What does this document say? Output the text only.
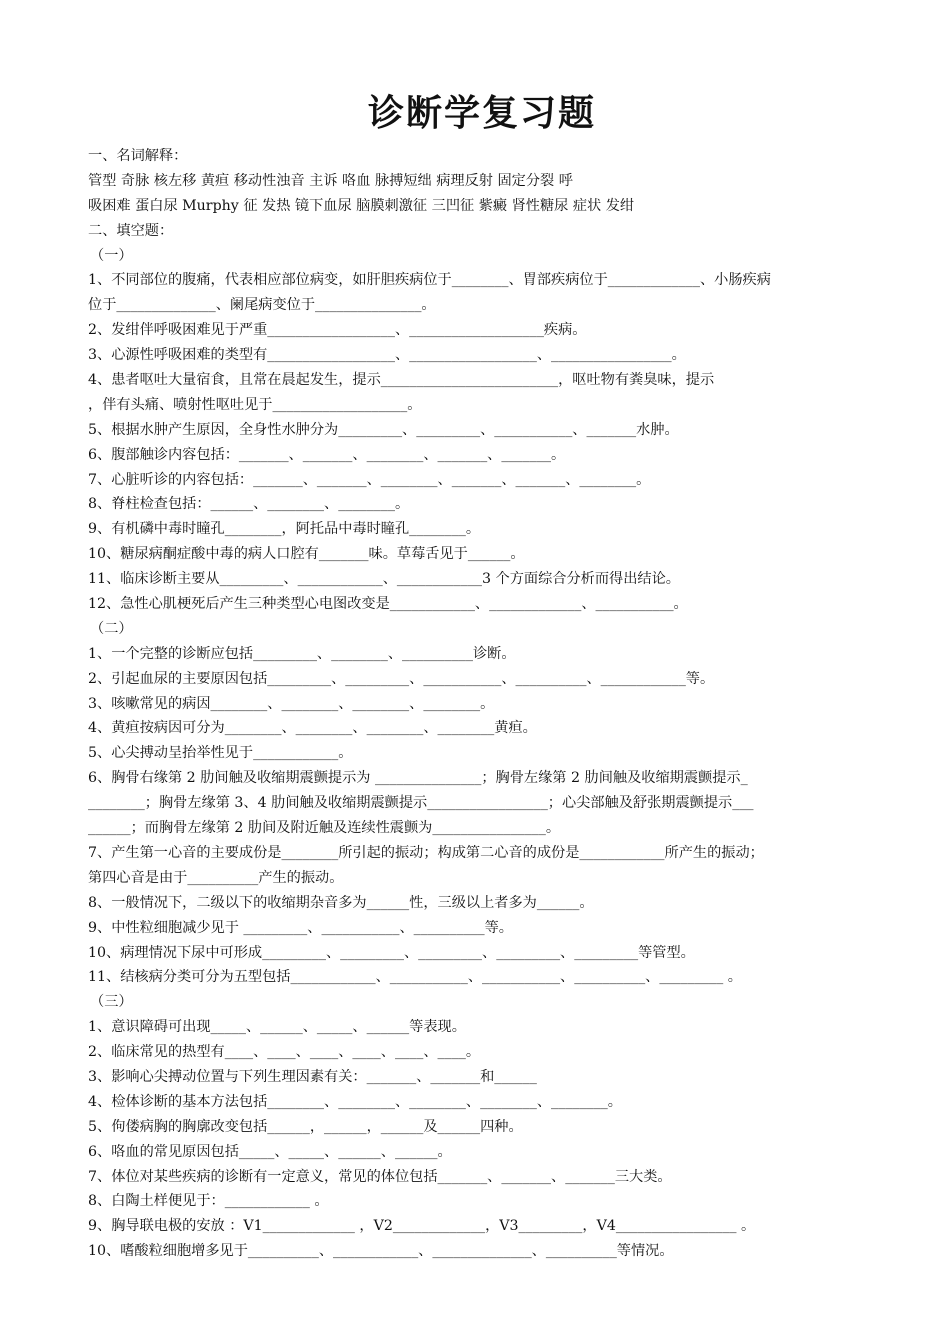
诊断学复习题
一、名词解释：
管型 奇脉 核左移 黄疸 移动性浊音 主诉 咯血 脉搏短绌 病理反射 固定分裂 呼
吸困难 蛋白尿 Murphy 征 发热 镜下血尿 脑膜刺激征 三凹征 紫癜 肾性糖尿 症状 发绀
二、填空题：
（一）
1、不同部位的腹痛，代表相应部位病变，如肝胆疾病位于________、胃部疾病位于_____________、小肠疾病
位于______________、阑尾病变位于_______________。
2、发绀伴呼吸困难见于严重__________________、___________________疾病。
3、心源性呼吸困难的类型有__________________、__________________、_________________。
4、患者呕吐大量宿食，且常在晨起发生，提示_________________________，呕吐物有粪臭味，提示
，伴有头痛、喷射性呕吐见于___________________。
5、根据水肿产生原因，全身性水肿分为_________、_________、___________、_______水肿。
6、腹部触诊内容包括：_______、_______、________、_______、_______。
7、心脏听诊的内容包括：_______、_______、________、_______、_______、________。
8、脊柱检查包括：______、________、________。
9、有机磷中毒时瞳孔________，阿托品中毒时瞳孔________。
10、糖尿病酮症酸中毒的病人口腔有_______味。草莓舌见于______。
11、临床诊断主要从_________、____________、____________3 个方面综合分析而得出结论。
12、急性心肌梗死后产生三种类型心电图改变是____________、_____________、___________。
（二）
1、一个完整的诊断应包括_________、________、__________诊断。
2、引起血尿的主要原因包括_________、_________、___________、__________、____________等。
3、咳嗽常见的病因________、________、________、________。
4、黄疸按病因可分为________、________、________、________黄疸。
5、心尖搏动呈抬举性见于____________。
6、胸骨右缘第 2 肋间触及收缩期震颤提示为 _______________；胸骨左缘第 2 肋间触及收缩期震颤提示_
________；胸骨左缘第 3、4 肋间触及收缩期震颤提示_________________；心尖部触及舒张期震颤提示___
______；而胸骨左缘第 2 肋间及附近触及连续性震颤为________________。
7、产生第一心音的主要成份是________所引起的振动；构成第二心音的成份是____________所产生的振动；
第四心音是由于__________产生的振动。
8、一般情况下，二级以下的收缩期杂音多为______性，三级以上者多为______。
9、中性粒细胞减少见于 _________、___________、__________等。
10、病理情况下尿中可形成_________、_________、_________、_________、_________等管型。
11、结核病分类可分为五型包括____________、___________、___________、__________、_________ 。
（三）
1、意识障碍可出现_____、______、_____、______等表现。
2、临床常见的热型有____、____、____、____、____、____。
3、影响心尖搏动位置与下列生理因素有关：_______、_______和______
4、检体诊断的基本方法包括________、________、________、________、________。
5、佝偻病胸的胸廓改变包括______，______，______及______四种。
6、咯血的常见原因包括_____、_____、______、______。
7、体位对某些疾病的诊断有一定意义，常见的体位包括_______、_______、_______三大类。
8、白陶土样便见于：____________ 。
9、胸导联电极的安放 ：V1_____________ ，V2_____________，V3_________，V4_________________ 。
10、嗜酸粒细胞增多见于__________、____________、______________、__________等情况。
